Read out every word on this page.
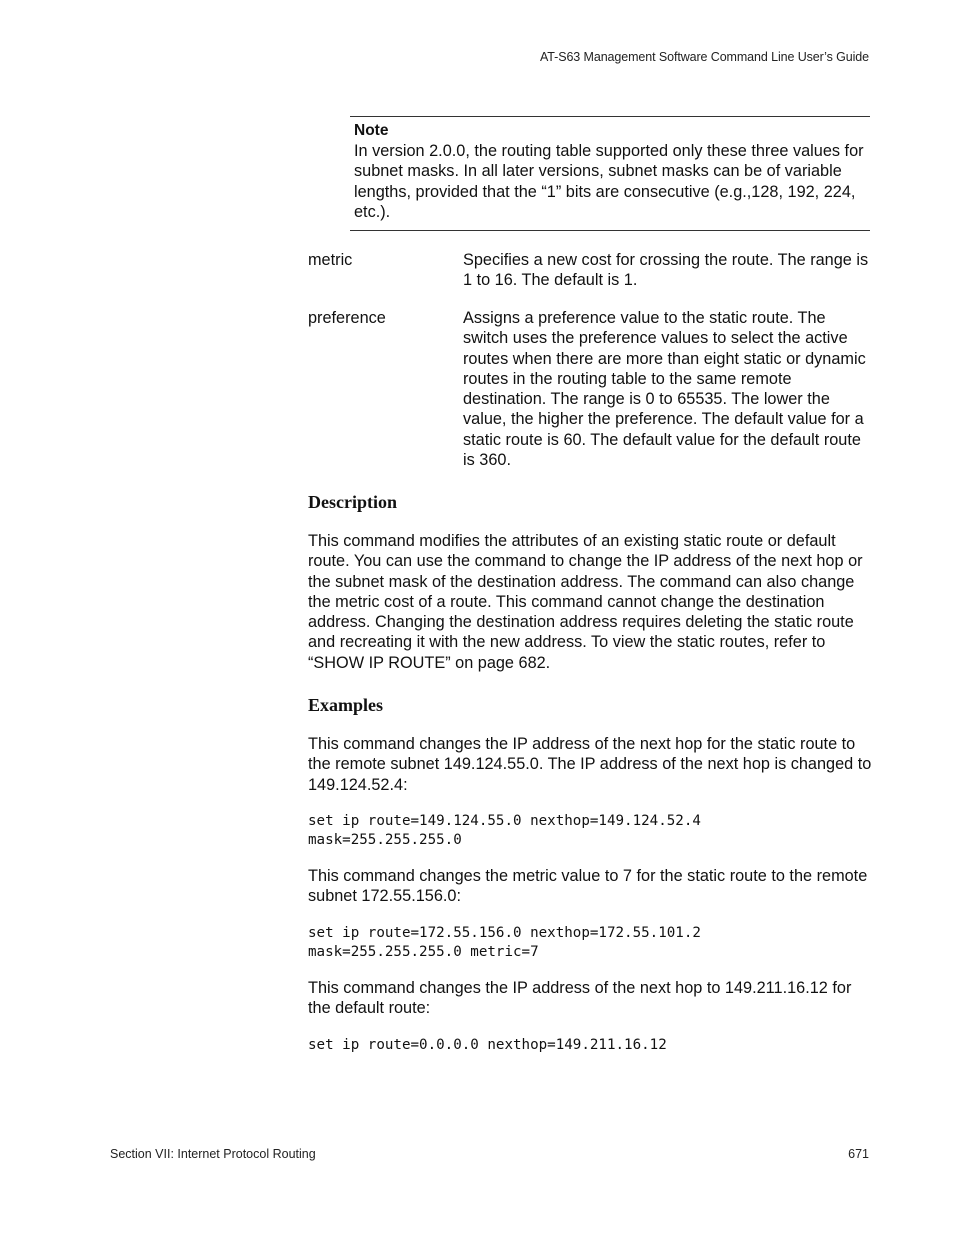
AT-S63 Management Software Command Line User’s Guide
Note
In version 2.0.0, the routing table supported only these three values for subnet masks. In all later versions, subnet masks can be of variable lengths, provided that the “1” bits are consecutive (e.g.,128, 192, 224, etc.).
metric	Specifies a new cost for crossing the route. The range is 1 to 16. The default is 1.
preference	Assigns a preference value to the static route. The switch uses the preference values to select the active routes when there are more than eight static or dynamic routes in the routing table to the same remote destination. The range is 0 to 65535. The lower the value, the higher the preference. The default value for a static route is 60. The default value for the default route is 360.
Description
This command modifies the attributes of an existing static route or default route. You can use the command to change the IP address of the next hop or the subnet mask of the destination address. The command can also change the metric cost of a route. This command cannot change the destination address. Changing the destination address requires deleting the static route and recreating it with the new address. To view the static routes, refer to “SHOW IP ROUTE” on page 682.
Examples
This command changes the IP address of the next hop for the static route to the remote subnet 149.124.55.0. The IP address of the next hop is changed to 149.124.52.4:
set ip route=149.124.55.0 nexthop=149.124.52.4
mask=255.255.255.0
This command changes the metric value to 7 for the static route to the remote subnet 172.55.156.0:
set ip route=172.55.156.0 nexthop=172.55.101.2
mask=255.255.255.0 metric=7
This command changes the IP address of the next hop to 149.211.16.12 for the default route:
set ip route=0.0.0.0 nexthop=149.211.16.12
Section VII: Internet Protocol Routing	671
